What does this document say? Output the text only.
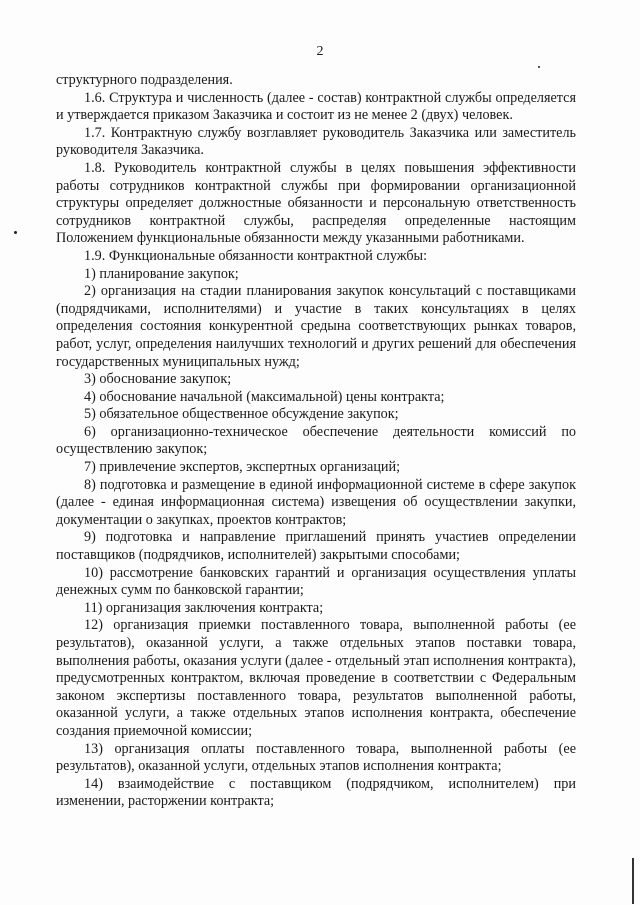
2

структурного подразделения.

1.6. Структура и численность (далее - состав) контрактной службы определяется и утверждается приказом Заказчика и состоит из не менее 2 (двух) человек.

1.7. Контрактную службу возглавляет руководитель Заказчика или заместитель руководителя Заказчика.

1.8. Руководитель контрактной службы в целях повышения эффективности работы сотрудников контрактной службы при формировании организационной структуры определяет должностные обязанности и персональную ответственность сотрудников контрактной службы, распределяя определенные настоящим Положением функциональные обязанности между указанными работниками.

1.9. Функциональные обязанности контрактной службы:

1) планирование закупок;

2) организация на стадии планирования закупок консультаций с поставщиками (подрядчиками, исполнителями) и участие в таких консультациях в целях определения состояния конкурентной средына соответствующих рынках товаров, работ, услуг, определения наилучших технологий и других решений для обеспечения государственных муниципальных нужд;

3) обоснование закупок;

4) обоснование начальной (максимальной) цены контракта;

5) обязательное общественное обсуждение закупок;

6) организационно-техническое обеспечение деятельности комиссий по осуществлению закупок;

7) привлечение экспертов, экспертных организаций;

8) подготовка и размещение в единой информационной системе в сфере закупок (далее - единая информационная система) извещения об осуществлении закупки, документации о закупках, проектов контрактов;

9) подготовка и направление приглашений принять участиев определении поставщиков (подрядчиков, исполнителей) закрытыми способами;

10) рассмотрение банковских гарантий и организация осуществления уплаты денежных сумм по банковской гарантии;

11) организация заключения контракта;

12) организация приемки поставленного товара, выполненной работы (ее результатов), оказанной услуги, а также отдельных этапов поставки товара, выполнения работы, оказания услуги (далее - отдельный этап исполнения контракта), предусмотренных контрактом, включая проведение в соответствии с Федеральным законом экспертизы поставленного товара, результатов выполненной работы, оказанной услуги, а также отдельных этапов исполнения контракта, обеспечение создания приемочной комиссии;

13) организация оплаты поставленного товара, выполненной работы (ее результатов), оказанной услуги, отдельных этапов исполнения контракта;

14) взаимодействие с поставщиком (подрядчиком, исполнителем) при изменении, расторжении контракта;
